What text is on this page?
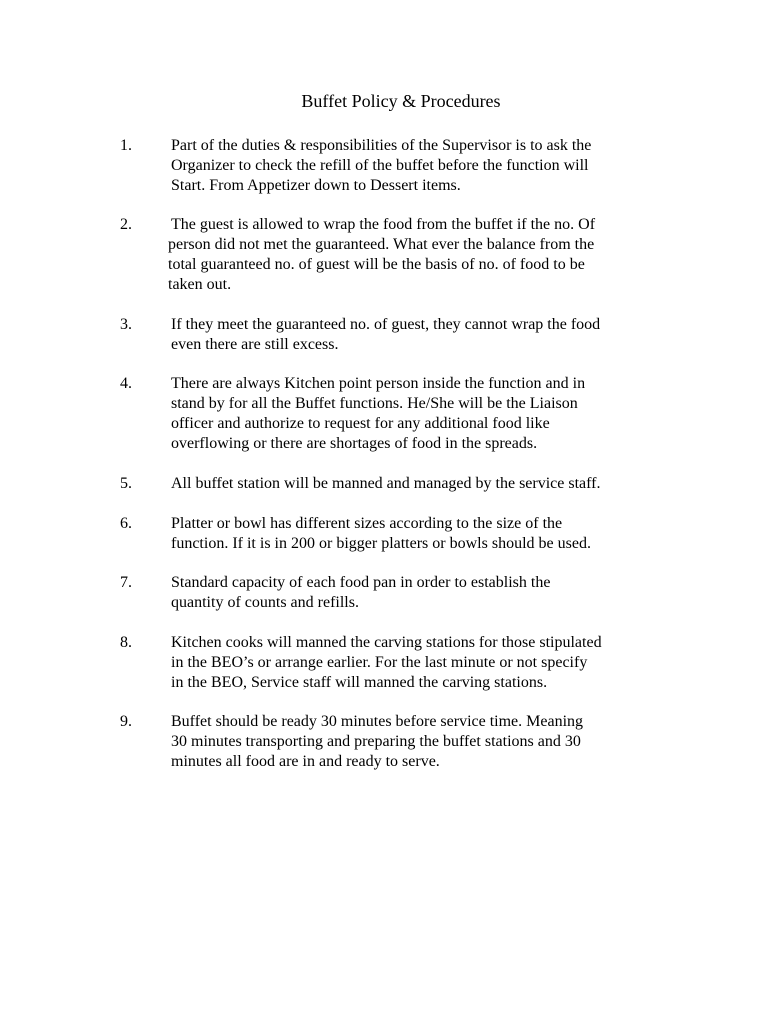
Buffet Policy & Procedures
1. Part of the duties & responsibilities of the Supervisor is to ask the
Organizer to check the refill of the buffet before the function will
Start. From Appetizer down to Dessert items.
2. The guest is allowed to wrap the food from the buffet if the no. Of
person did not met the guaranteed. What ever the balance from the
total guaranteed no. of guest will be the basis of no. of food to be
taken out.
3. If they meet the guaranteed no. of guest, they cannot wrap the food
even there are still excess.
4. There are always Kitchen point person inside the function and in
stand by for all the Buffet functions. He/She will be the Liaison
officer and authorize to request for any additional food like
overflowing or there are shortages of food in the spreads.
5. All buffet station will be manned and managed by the service staff.
6. Platter or bowl has different sizes according to the size of the
function. If it is in 200 or bigger platters or bowls should be used.
7. Standard capacity of each food pan in order to establish the
quantity of counts and refills.
8. Kitchen cooks will manned the carving stations for those stipulated
in the BEO’s or arrange earlier. For the last minute or not specify
in the BEO, Service staff will manned the carving stations.
9. Buffet should be ready 30 minutes before service time. Meaning
30 minutes transporting and preparing the buffet stations and 30
minutes all food are in and ready to serve.
